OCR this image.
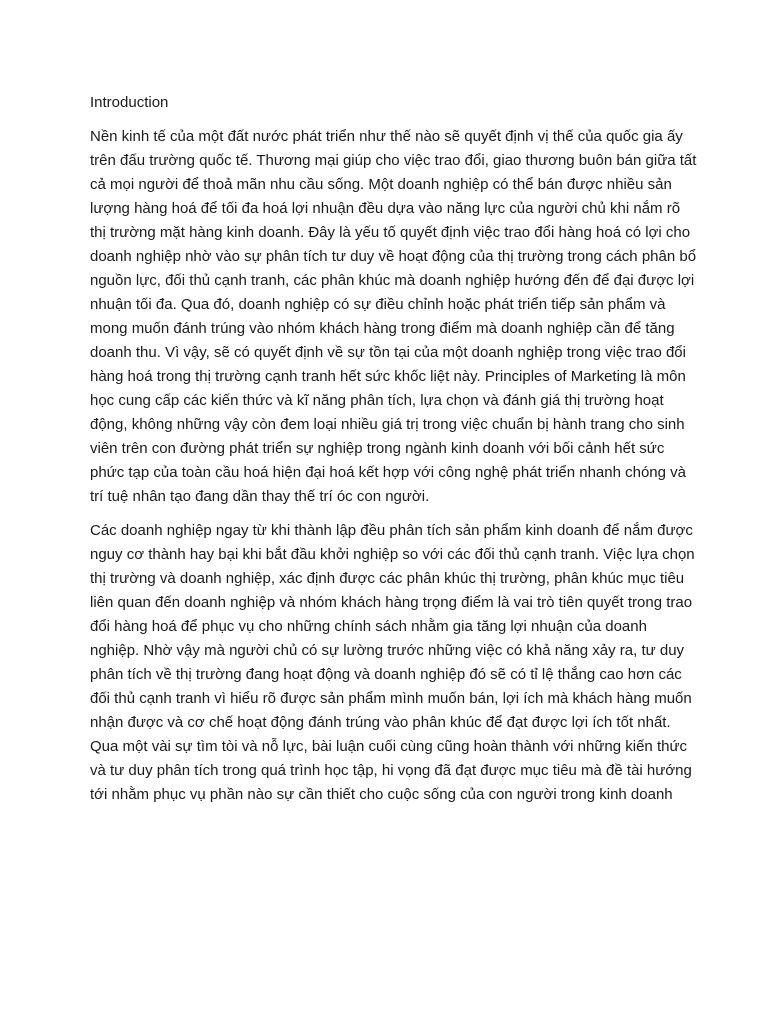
Introduction

Nền kinh tế của một đất nước phát triển như thế nào sẽ quyết định vị thế của quốc gia ấy trên đấu trường quốc tế. Thương mại giúp cho việc trao đổi, giao thương buôn bán giữa tất cả mọi người để thoả mãn nhu cầu sống. Một doanh nghiệp có thể bán được nhiều sản lượng hàng hoá để tối đa hoá lợi nhuận đều dựa vào năng lực của người chủ khi nắm rõ thị trường mặt hàng kinh doanh. Đây là yếu tố quyết định việc trao đổi hàng hoá có lợi cho doanh nghiệp nhờ vào sự phân tích tư duy về hoạt động của thị trường trong cách phân bổ nguồn lực, đối thủ cạnh tranh, các phân khúc mà doanh nghiệp hướng đến để đại được lợi nhuận tối đa. Qua đó, doanh nghiệp có sự điều chỉnh hoặc phát triển tiếp sản phẩm và mong muốn đánh trúng vào nhóm khách hàng trong điểm mà doanh nghiệp cần để tăng doanh thu. Vì vậy, sẽ có quyết định về sự tồn tại của một doanh nghiệp trong việc trao đổi hàng hoá trong thị trường cạnh tranh hết sức khốc liệt này. Principles of Marketing là môn học cung cấp các kiến thức và kĩ năng phân tích, lựa chọn và đánh giá thị trường hoạt động, không những vậy còn đem loại nhiều giá trị trong việc chuẩn bị hành trang cho sinh viên trên con đường phát triển sự nghiệp trong ngành kinh doanh với bối cảnh hết sức phức tạp của toàn cầu hoá hiện đại hoá kết hợp với công nghệ phát triển nhanh chóng và trí tuệ nhân tạo đang dần thay thế trí óc con người.

Các doanh nghiệp ngay từ khi thành lập đều phân tích sản phẩm kinh doanh để nắm được nguy cơ thành hay bại khi bắt đầu khởi nghiệp so với các đối thủ cạnh tranh. Việc lựa chọn thị trường và doanh nghiệp, xác định được các phân khúc thị trường, phân khúc mục tiêu liên quan đến doanh nghiệp và nhóm khách hàng trọng điểm là vai trò tiên quyết trong trao đổi hàng hoá để phục vụ cho những chính sách nhằm gia tăng lợi nhuận của doanh nghiệp. Nhờ vậy mà người chủ có sự lường trước những việc có khả năng xảy ra, tư duy phân tích về thị trường đang hoạt động và doanh nghiệp đó sẽ có tỉ lệ thắng cao hơn các đối thủ cạnh tranh vì hiểu rõ được sản phẩm mình muốn bán, lợi ích mà khách hàng muốn nhận được và cơ chế hoạt động đánh trúng vào phân khúc để đạt được lợi ích tốt nhất. Qua một vài sự tìm tòi và nỗ lực, bài luận cuối cùng cũng hoàn thành với những kiến thức và tư duy phân tích trong quá trình học tập, hi vọng đã đạt được mục tiêu mà đề tài hướng tới nhằm phục vụ phần nào sự cần thiết cho cuộc sống của con người trong kinh doanh
